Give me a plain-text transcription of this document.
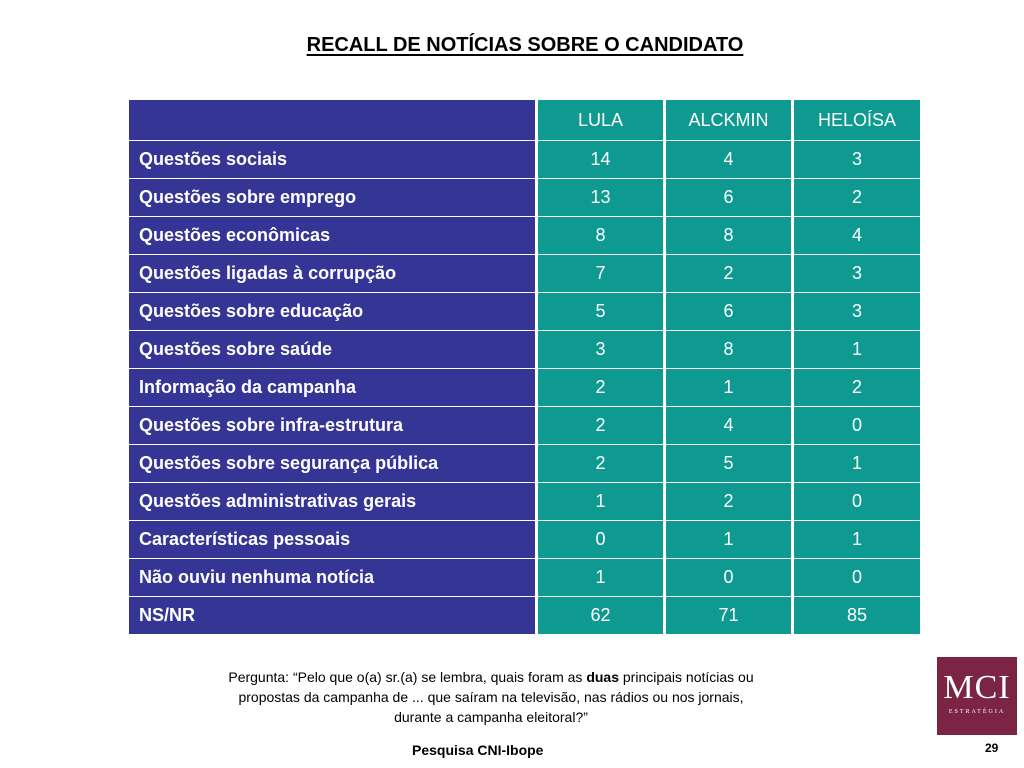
RECALL DE NOTÍCIAS SOBRE O CANDIDATO
	LULA	ALCKMIN	HELOÍSA
Questões sociais	14	4	3
Questões sobre emprego	13	6	2
Questões econômicas	8	8	4
Questões ligadas à corrupção	7	2	3
Questões sobre educação	5	6	3
Questões sobre saúde	3	8	1
Informação da campanha	2	1	2
Questões sobre infra-estrutura	2	4	0
Questões sobre segurança pública	2	5	1
Questões administrativas gerais	1	2	0
Características pessoais	0	1	1
Não ouviu nenhuma notícia	1	0	0
NS/NR	62	71	85
Pergunta: “Pelo que o(a) sr.(a) se lembra, quais foram as duas principais notícias ou propostas da campanha de ... que saíram na televisão, nas rádios ou nos jornais, durante a campanha eleitoral?”
Pesquisa CNI-Ibope
MCI
ESTRATÉGIA
29
